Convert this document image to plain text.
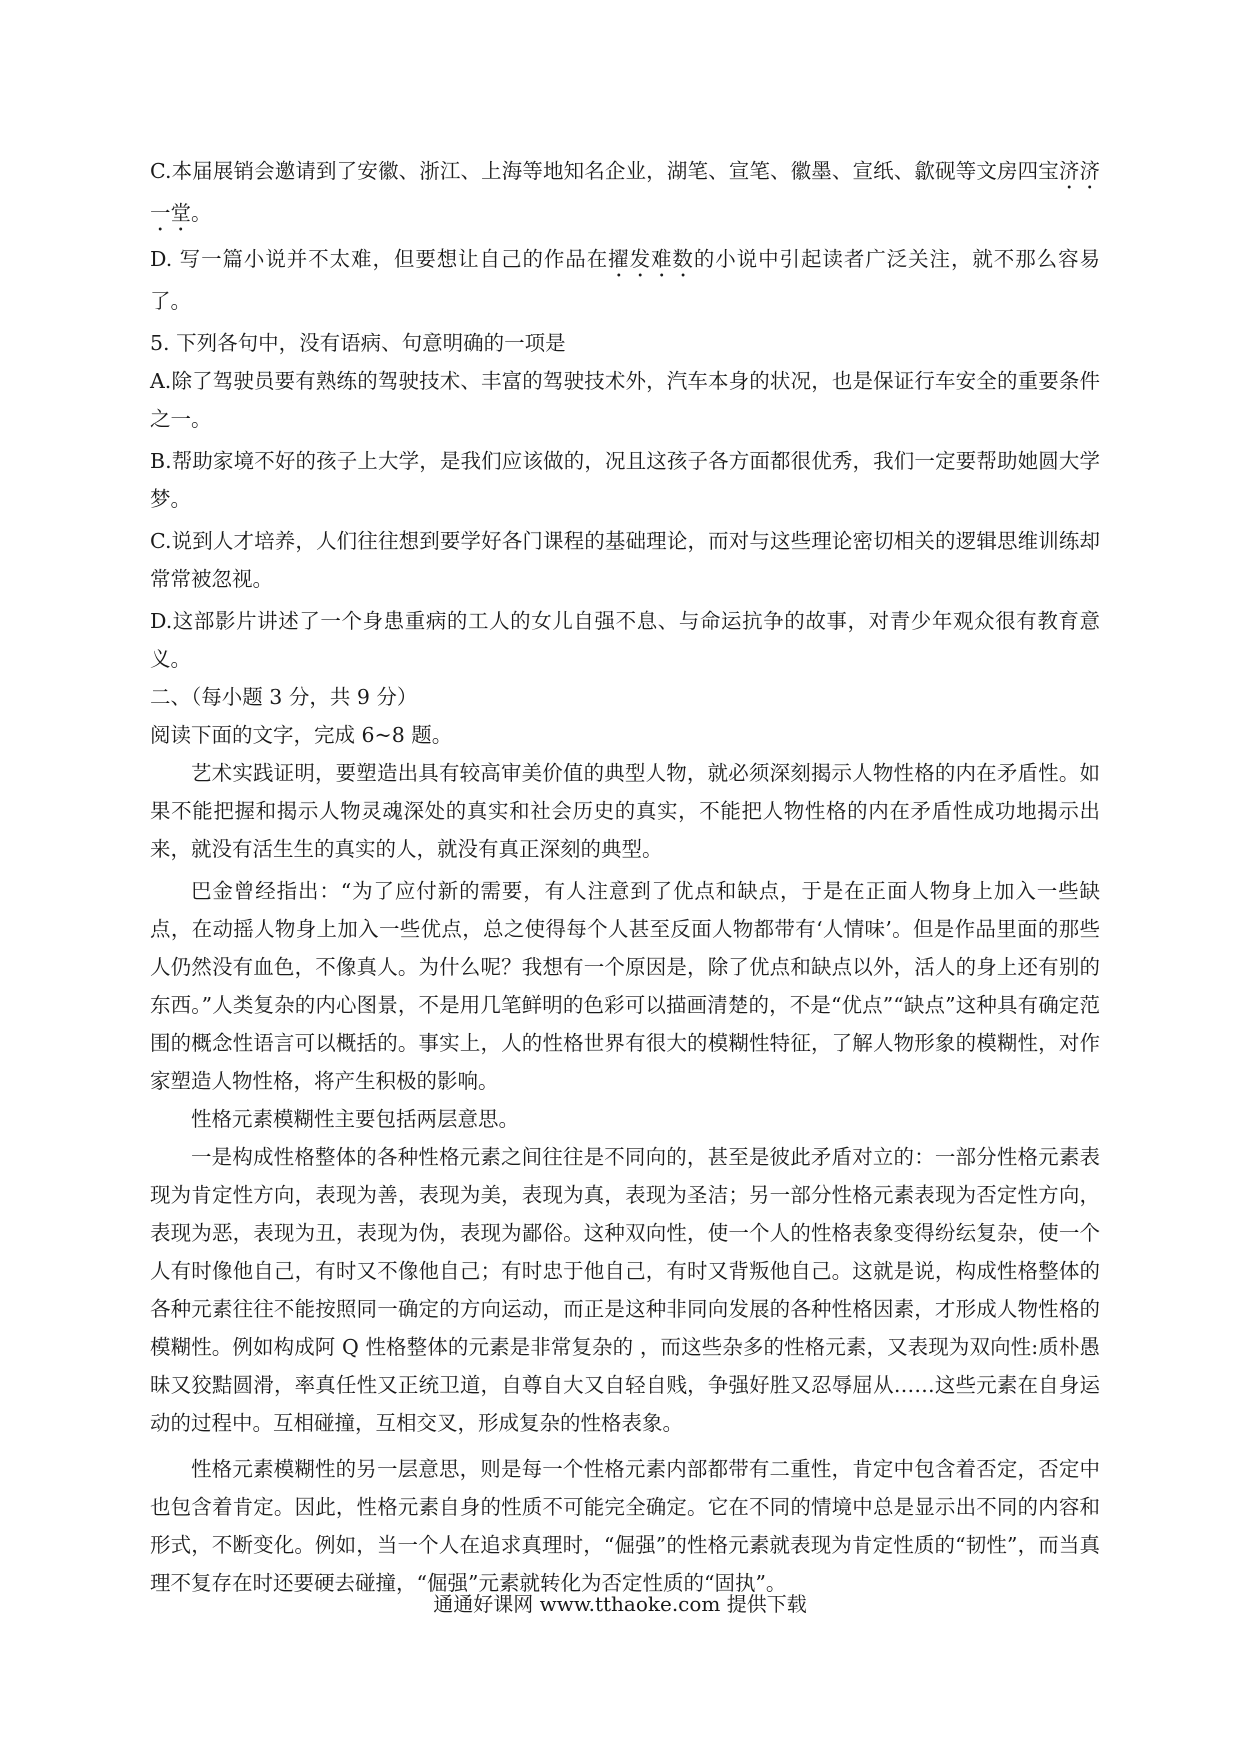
C.本届展销会邀请到了安徽、浙江、上海等地知名企业，湖笔、宣笔、徽墨、宣纸、歙砚等文房四宝济济一堂。
D. 写一篇小说并不太难，但要想让自己的作品在擢发难数的小说中引起读者广泛关注，就不那么容易了。
5. 下列各句中，没有语病、句意明确的一项是
A.除了驾驶员要有熟练的驾驶技术、丰富的驾驶技术外，汽车本身的状况，也是保证行车安全的重要条件之一。
B.帮助家境不好的孩子上大学，是我们应该做的，况且这孩子各方面都很优秀，我们一定要帮助她圆大学梦。
C.说到人才培养，人们往往想到要学好各门课程的基础理论，而对与这些理论密切相关的逻辑思维训练却常常被忽视。
D.这部影片讲述了一个身患重病的工人的女儿自强不息、与命运抗争的故事，对青少年观众很有教育意义。
二、（每小题 3 分，共 9 分）
阅读下面的文字，完成 6~8 题。
艺术实践证明，要塑造出具有较高审美价值的典型人物，就必须深刻揭示人物性格的内在矛盾性。如果不能把握和揭示人物灵魂深处的真实和社会历史的真实，不能把人物性格的内在矛盾性成功地揭示出来，就没有活生生的真实的人，就没有真正深刻的典型。
巴金曾经指出：“为了应付新的需要，有人注意到了优点和缺点，于是在正面人物身上加入一些缺点，在动摇人物身上加入一些优点，总之使得每个人甚至反面人物都带有‘人情味’。但是作品里面的那些人仍然没有血色，不像真人。为什么呢？我想有一个原因是，除了优点和缺点以外，活人的身上还有别的东西。”人类复杂的内心图景，不是用几笔鲜明的色彩可以描画清楚的，不是“优点”“缺点”这种具有确定范围的概念性语言可以概括的。事实上，人的性格世界有很大的模糊性特征，了解人物形象的模糊性，对作家塑造人物性格，将产生积极的影响。
性格元素模糊性主要包括两层意思。
一是构成性格整体的各种性格元素之间往往是不同向的，甚至是彼此矛盾对立的：一部分性格元素表现为肯定性方向，表现为善，表现为美，表现为真，表现为圣洁；另一部分性格元素表现为否定性方向，表现为恶，表现为丑，表现为伪，表现为鄙俗。这种双向性，使一个人的性格表象变得纷纭复杂，使一个人有时像他自己，有时又不像他自己；有时忠于他自己，有时又背叛他自己。这就是说，构成性格整体的各种元素往往不能按照同一确定的方向运动，而正是这种非同向发展的各种性格因素，才形成人物性格的模糊性。例如构成阿 Q 性格整体的元素是非常复杂的 ，而这些杂多的性格元素，又表现为双向性:质朴愚昧又狡黠圆滑，率真任性又正统卫道，自尊自大又自轻自贱，争强好胜又忍辱屈从……这些元素在自身运动的过程中。互相碰撞，互相交叉，形成复杂的性格表象。
性格元素模糊性的另一层意思，则是每一个性格元素内部都带有二重性，肯定中包含着否定，否定中也包含着肯定。因此，性格元素自身的性质不可能完全确定。它在不同的情境中总是显示出不同的内容和形式，不断变化。例如，当一个人在追求真理时，“倔强”的性格元素就表现为肯定性质的“韧性”，而当真理不复存在时还要硬去碰撞，“倔强”元素就转化为否定性质的“固执”。
通通好课网 www.tthaoke.com 提供下载
